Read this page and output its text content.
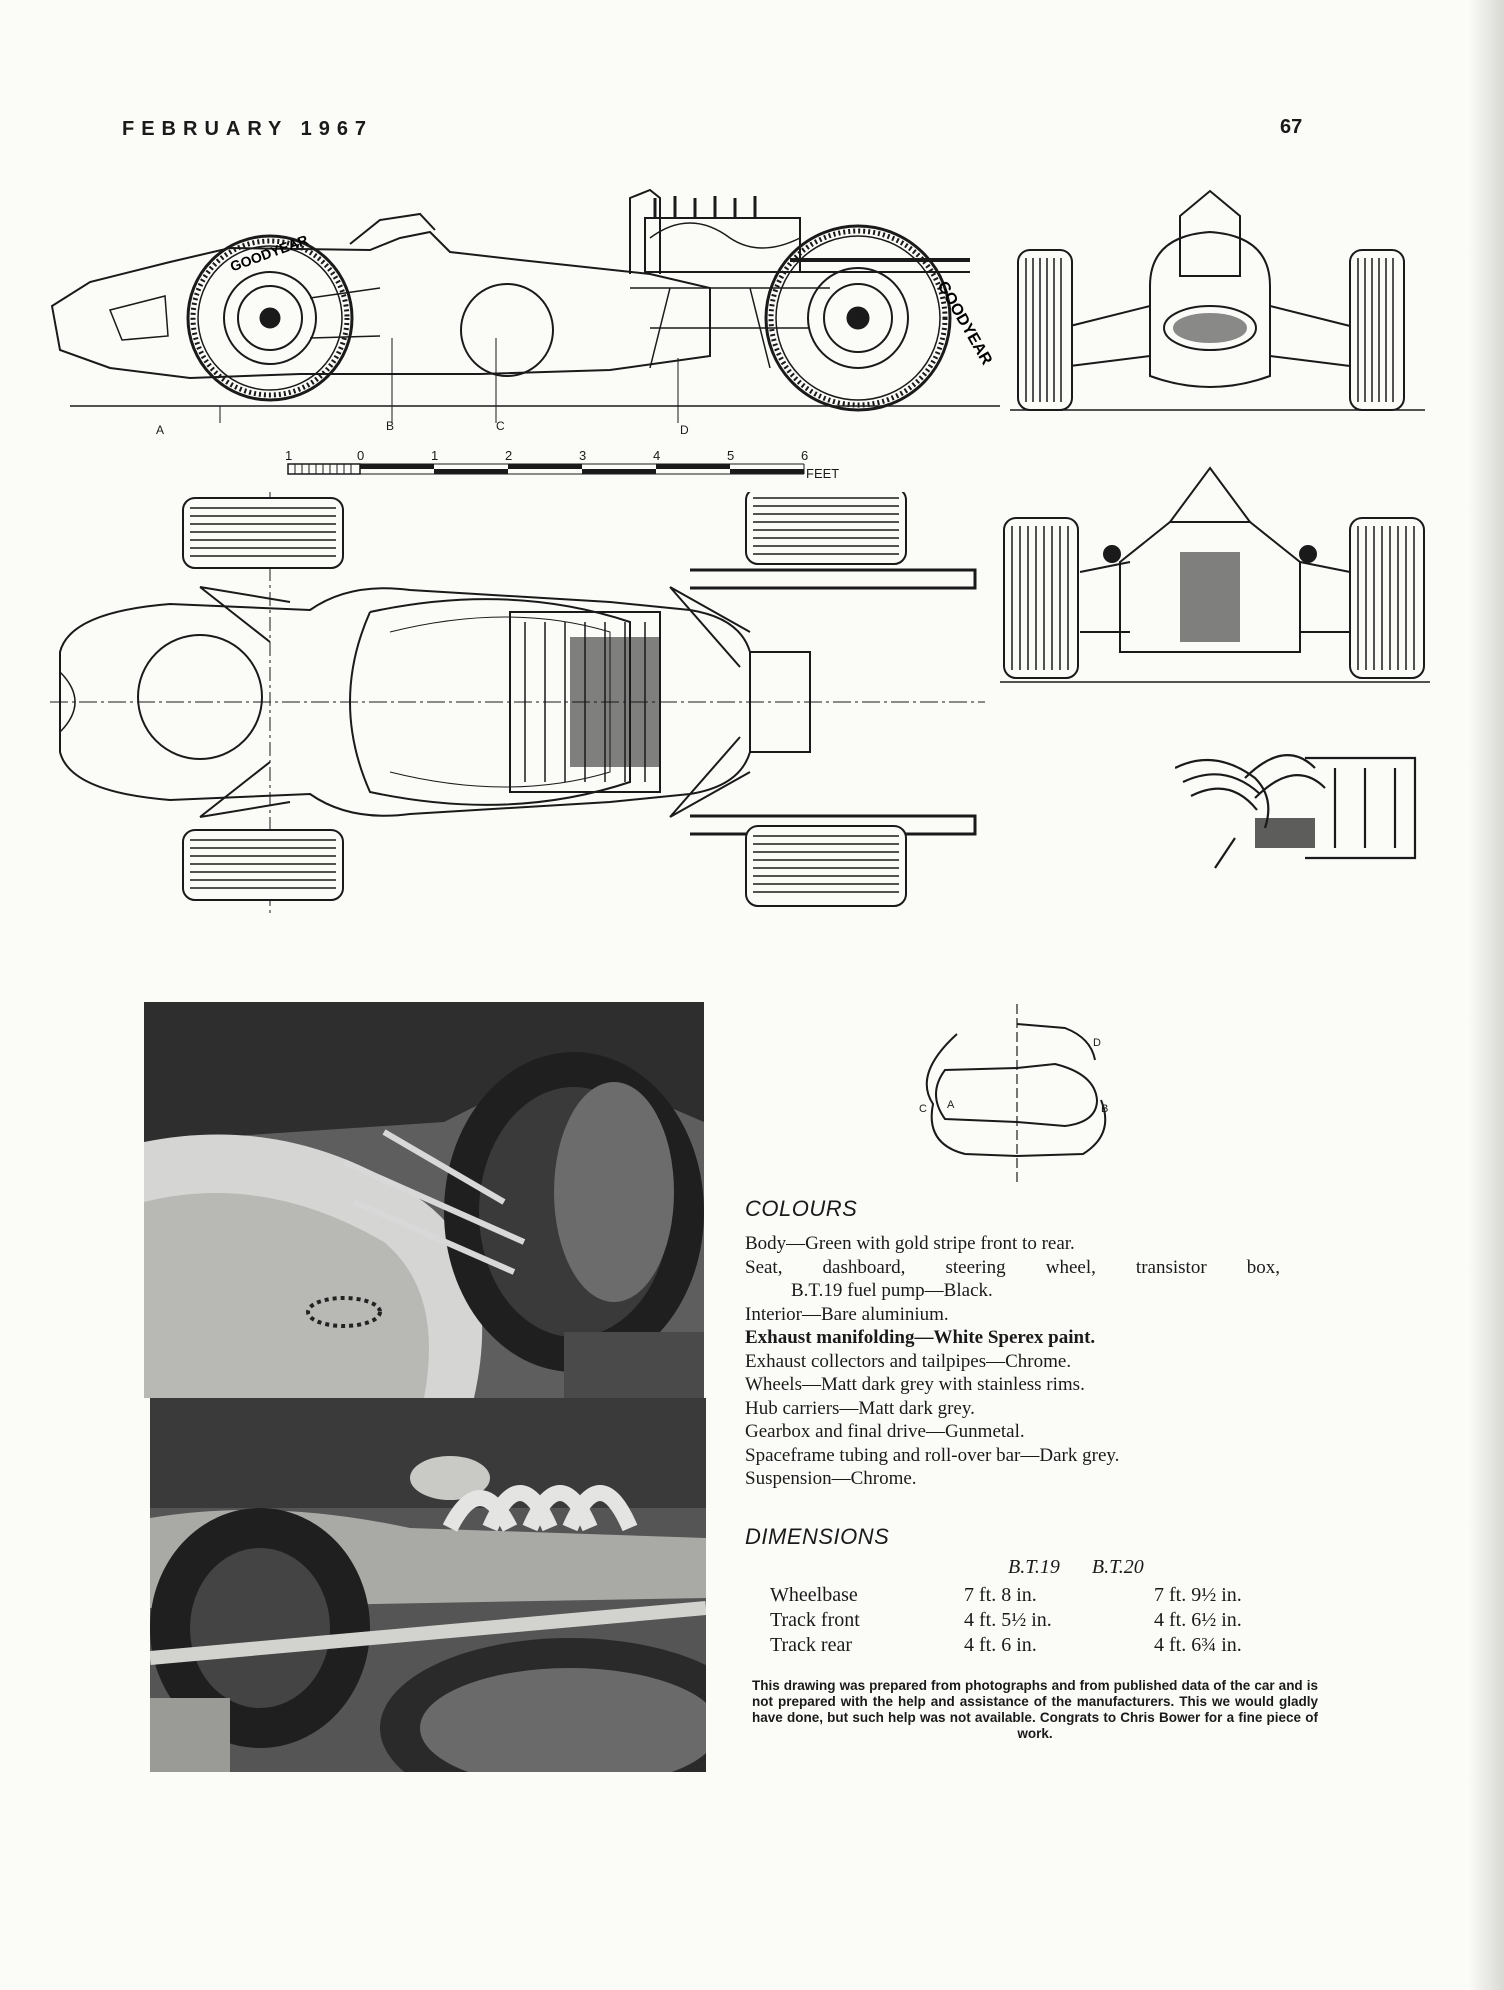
FEBRUARY 1967	67
GOODYEAR
GOODYEAR
A	B	C	D
1	0	1	2	3	4	5	6
FEET
D
A
C	B
COLOURS
Body—Green with gold stripe front to rear.
Seat, dashboard, steering wheel, transistor box,
B.T.19 fuel pump—Black.
Interior—Bare aluminium.
Exhaust manifolding—White Sperex paint.
Exhaust collectors and tailpipes—Chrome.
Wheels—Matt dark grey with stainless rims.
Hub carriers—Matt dark grey.
Gearbox and final drive—Gunmetal.
Spaceframe tubing and roll-over bar—Dark grey.
Suspension—Chrome.
DIMENSIONS
	B.T.19	B.T.20
Wheelbase	7 ft. 8 in.	7 ft. 9½ in.
Track front	4 ft. 5½ in.	4 ft. 6½ in.
Track rear	4 ft. 6 in.	4 ft. 6¾ in.
This drawing was prepared from photographs and from published data of the car and is not prepared with the help and assistance of the manufacturers. This we would gladly have done, but such help was not available. Congrats to Chris Bower for a fine piece of work.
